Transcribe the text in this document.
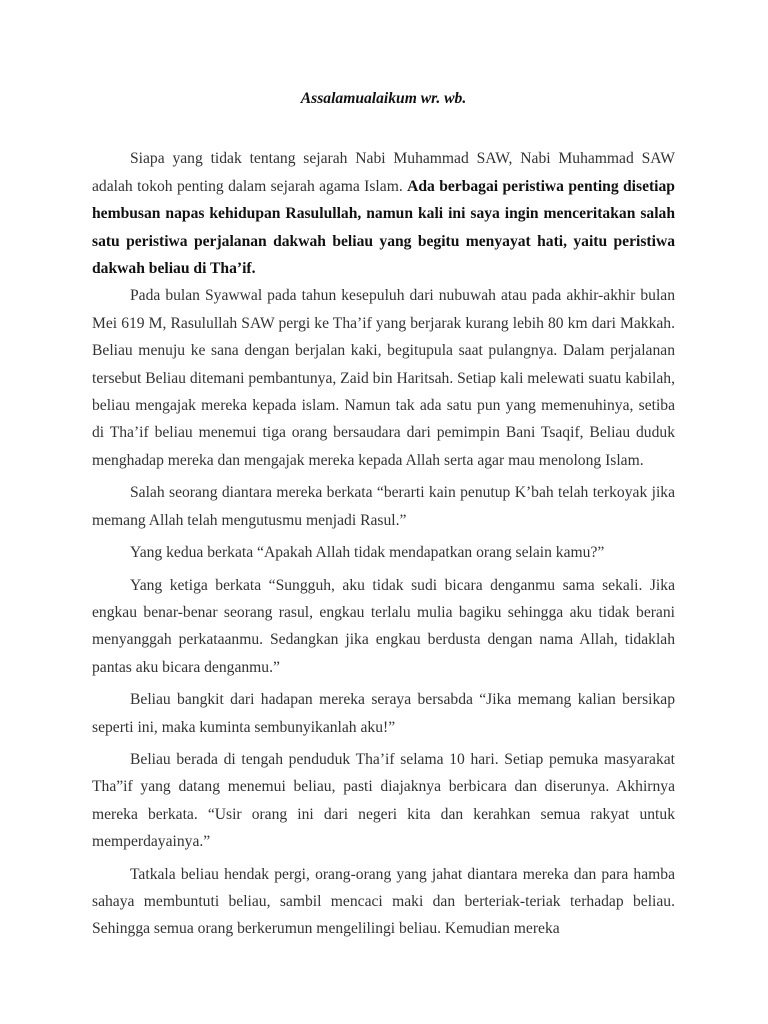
Assalamualaikum wr. wb.

Siapa yang tidak tentang sejarah Nabi Muhammad SAW, Nabi Muhammad SAW adalah tokoh penting dalam sejarah agama Islam. Ada berbagai peristiwa penting disetiap hembusan napas kehidupan Rasulullah, namun kali ini saya ingin menceritakan salah satu peristiwa perjalanan dakwah beliau yang begitu menyayat hati, yaitu peristiwa dakwah beliau di Tha’if.

Pada bulan Syawwal pada tahun kesepuluh dari nubuwah atau pada akhir-akhir bulan Mei 619 M, Rasulullah SAW pergi ke Tha’if yang berjarak kurang lebih 80 km dari Makkah. Beliau menuju ke sana dengan berjalan kaki, begitupula saat pulangnya. Dalam perjalanan tersebut Beliau ditemani pembantunya, Zaid bin Haritsah. Setiap kali melewati suatu kabilah, beliau mengajak mereka kepada islam. Namun tak ada satu pun yang memenuhinya, setiba di Tha’if beliau menemui tiga orang bersaudara dari pemimpin Bani Tsaqif, Beliau duduk menghadap mereka dan mengajak mereka kepada Allah serta agar mau menolong Islam.

Salah seorang diantara mereka berkata “berarti kain penutup K’bah telah terkoyak jika memang Allah telah mengutusmu menjadi Rasul.”

Yang kedua berkata “Apakah Allah tidak mendapatkan orang selain kamu?”

Yang ketiga berkata “Sungguh, aku tidak sudi bicara denganmu sama sekali. Jika engkau benar-benar seorang rasul, engkau terlalu mulia bagiku sehingga aku tidak berani menyanggah perkataanmu. Sedangkan jika engkau berdusta dengan nama Allah, tidaklah pantas aku bicara denganmu.”

Beliau bangkit dari hadapan mereka seraya bersabda “Jika memang kalian bersikap seperti ini, maka kuminta sembunyikanlah aku!”

Beliau berada di tengah penduduk Tha’if selama 10 hari. Setiap pemuka masyarakat Tha”if yang datang menemui beliau, pasti diajaknya berbicara dan diserunya. Akhirnya mereka berkata. “Usir orang ini dari negeri kita dan kerahkan semua rakyat untuk memperdayainya.”

Tatkala beliau hendak pergi, orang-orang yang jahat diantara mereka dan para hamba sahaya membuntuti beliau, sambil mencaci maki dan berteriak-teriak terhadap beliau. Sehingga semua orang berkerumun mengelilingi beliau. Kemudian mereka
